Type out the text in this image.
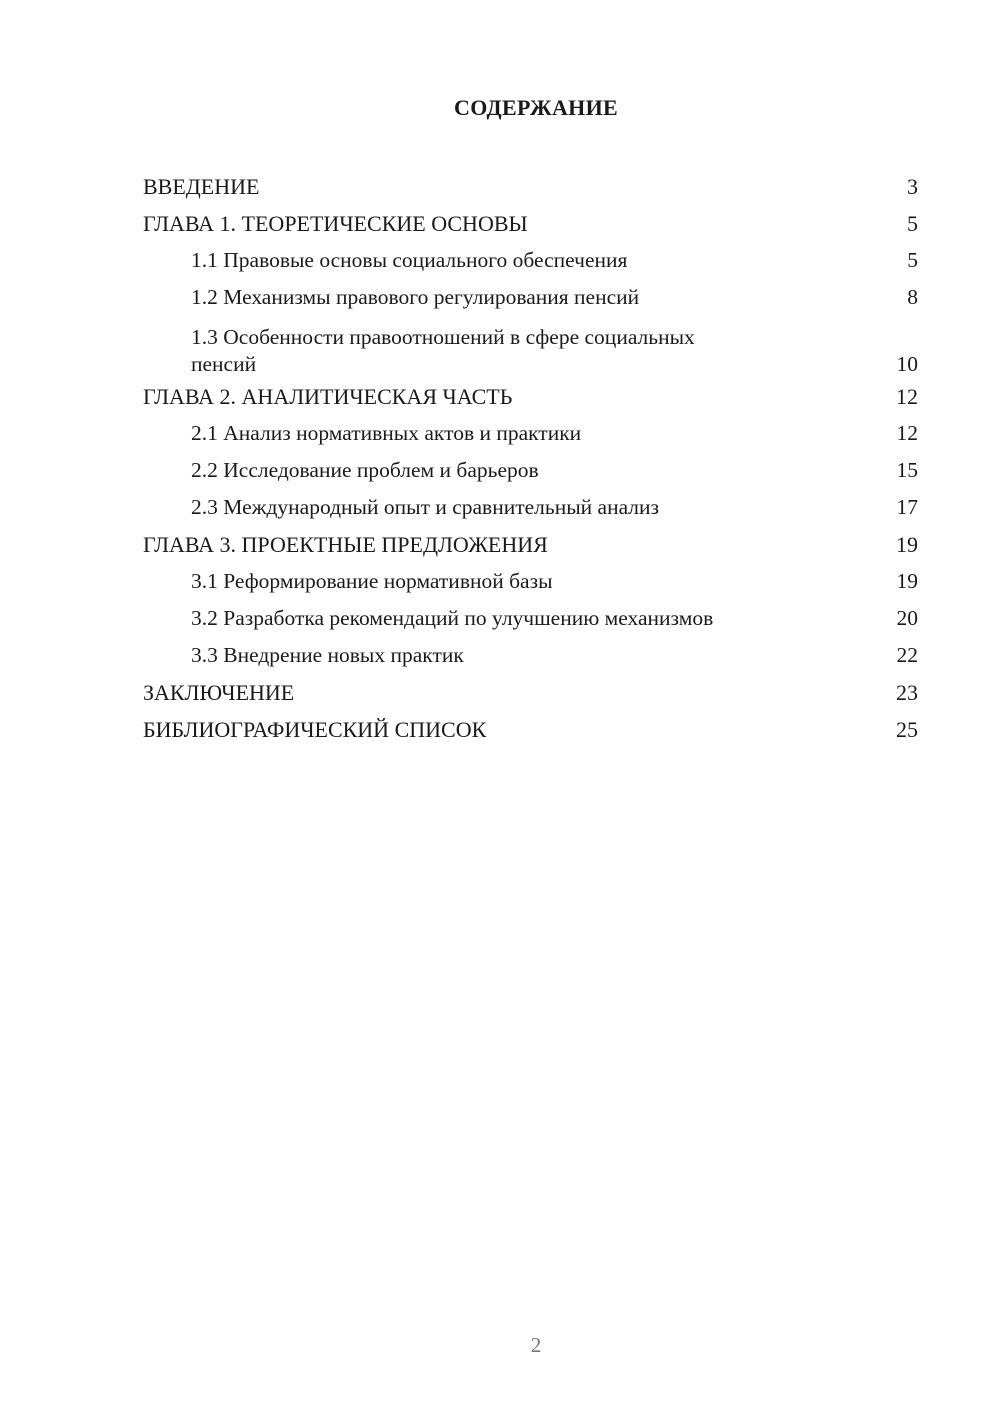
СОДЕРЖАНИЕ
ВВЕДЕНИЕ	3
ГЛАВА 1. ТЕОРЕТИЧЕСКИЕ ОСНОВЫ	5
1.1 Правовые основы социального обеспечения	5
1.2 Механизмы правового регулирования пенсий	8
1.3 Особенности правоотношений в сфере социальных
пенсий	10
ГЛАВА 2. АНАЛИТИЧЕСКАЯ ЧАСТЬ	12
2.1 Анализ нормативных актов и практики	12
2.2 Исследование проблем и барьеров	15
2.3 Международный опыт и сравнительный анализ	17
ГЛАВА 3. ПРОЕКТНЫЕ ПРЕДЛОЖЕНИЯ	19
3.1 Реформирование нормативной базы	19
3.2 Разработка рекомендаций по улучшению механизмов	20
3.3 Внедрение новых практик	22
ЗАКЛЮЧЕНИЕ	23
БИБЛИОГРАФИЧЕСКИЙ СПИСОК	25
2
